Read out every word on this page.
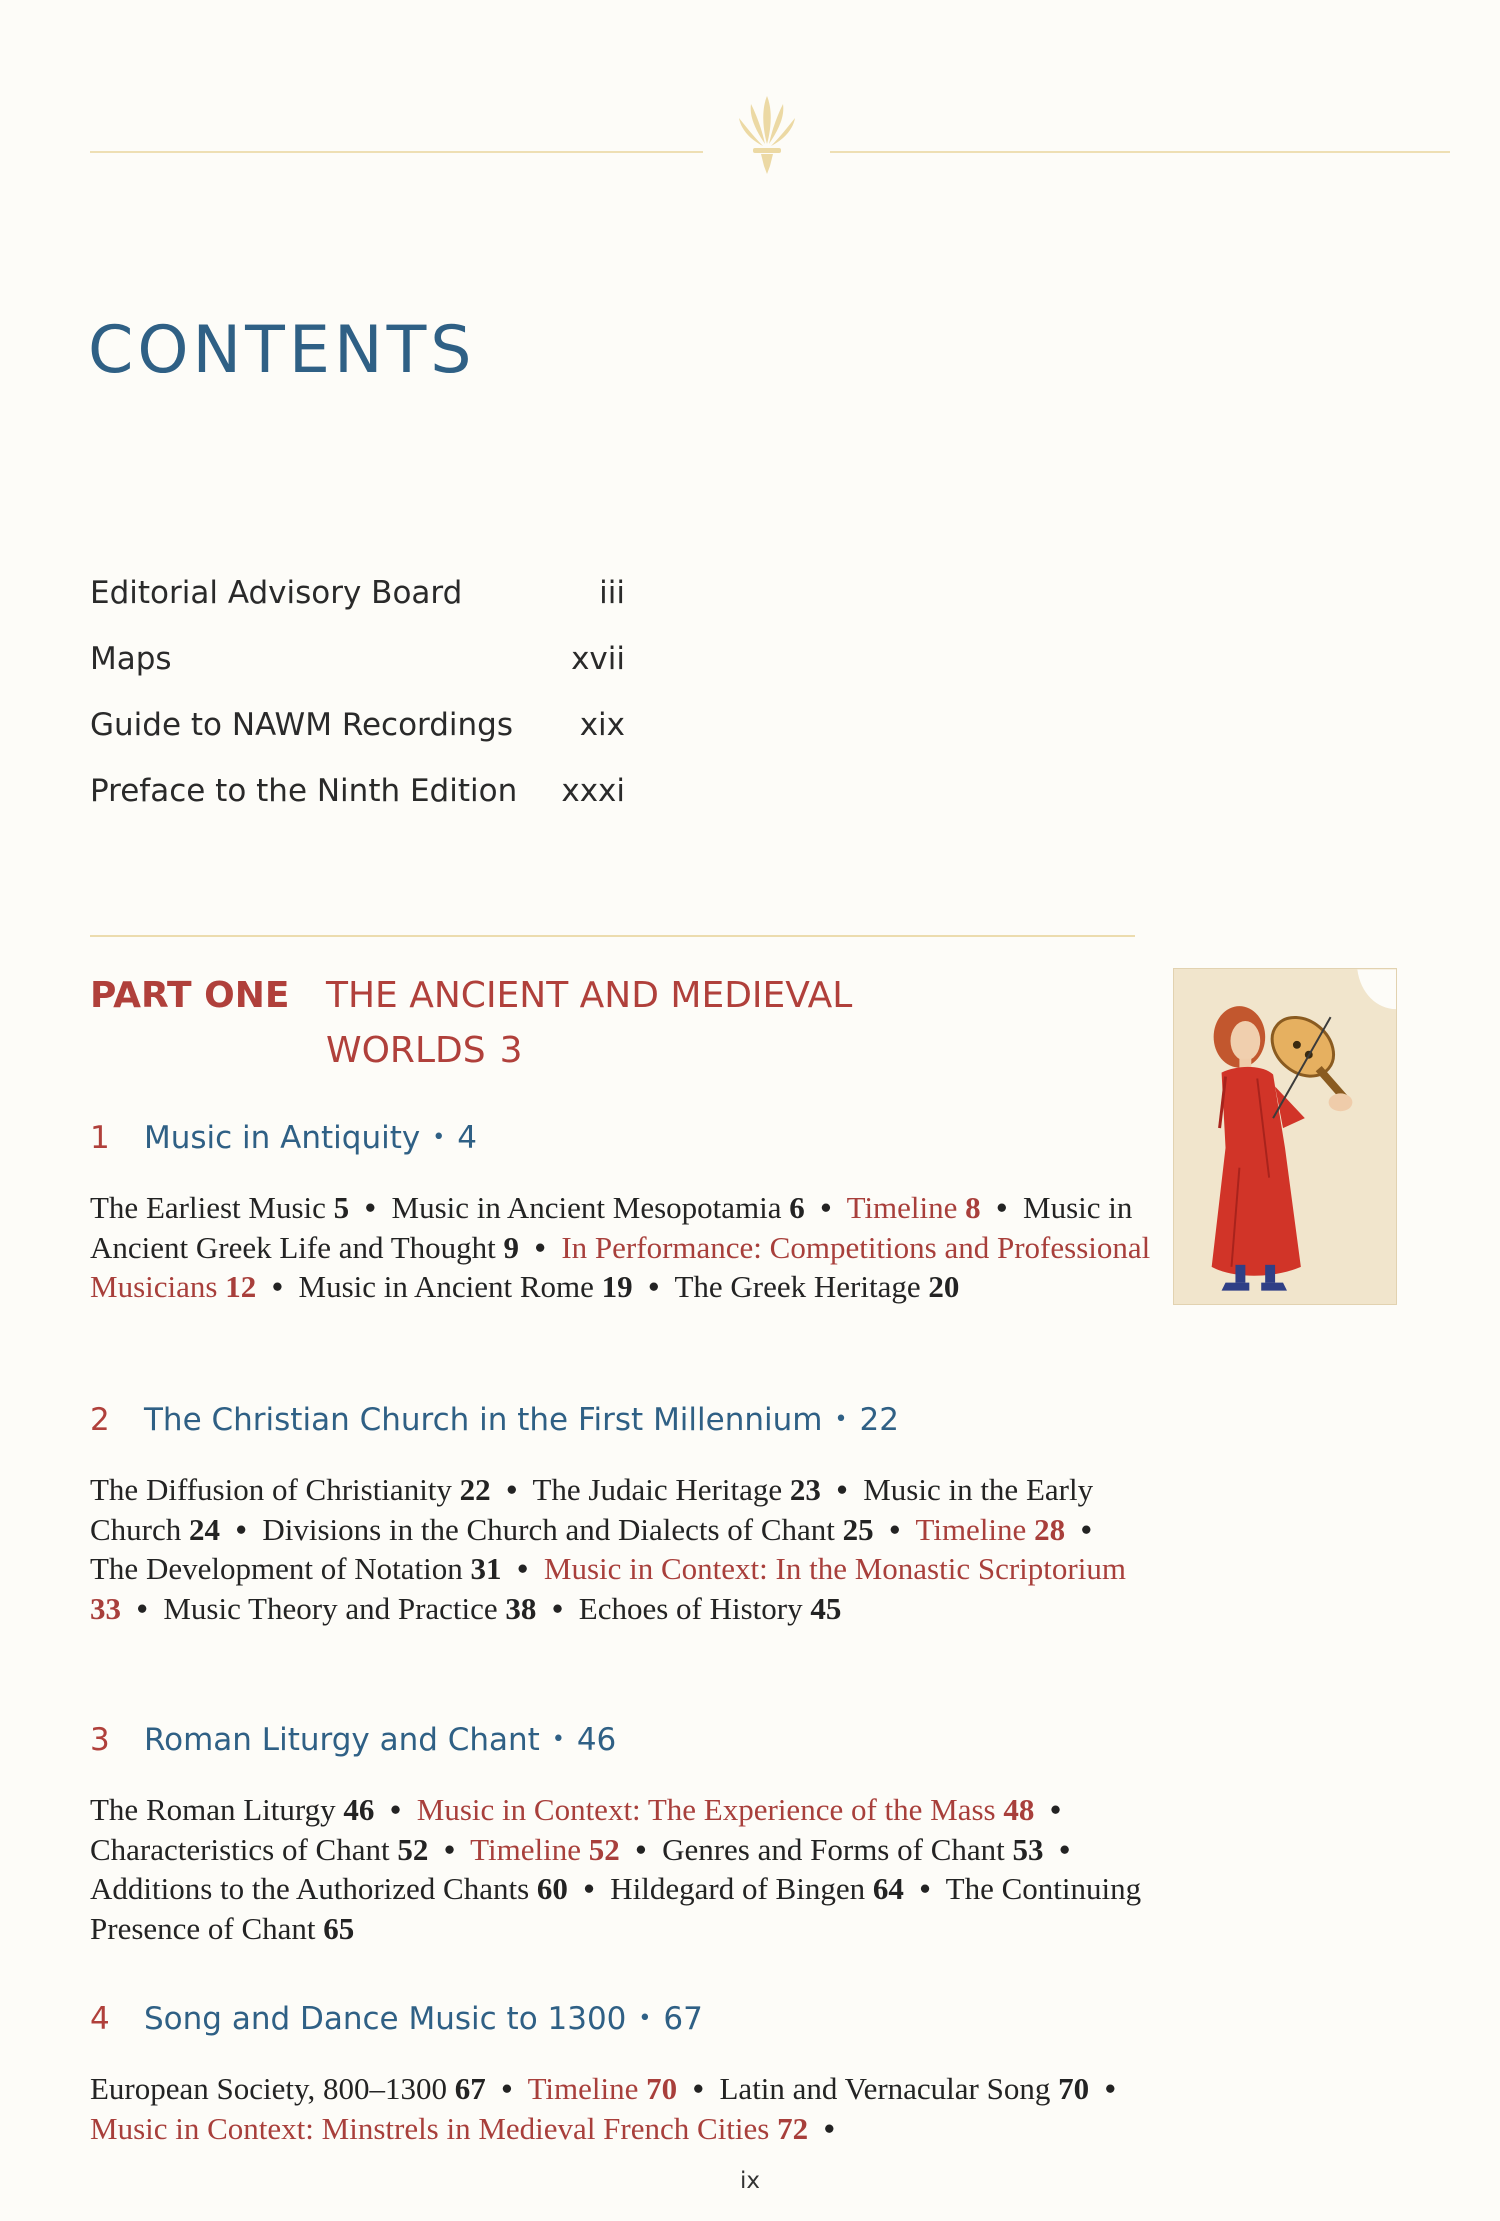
CONTENTS
Editorial Advisory Board	iii
Maps	xvii
Guide to NAWM Recordings xix
Preface to the Ninth Edition xxxi
PART ONE	THE ANCIENT AND MEDIEVAL WORLDS 3
1 Music in Antiquity • 4
The Earliest Music 5 • Music in Ancient Mesopotamia 6 • Timeline 8 • Music in Ancient Greek Life and Thought 9 • In Performance: Competitions and Professional Musicians 12 • Music in Ancient Rome 19 • The Greek Heritage 20
2 The Christian Church in the First Millennium • 22
The Diffusion of Christianity 22 • The Judaic Heritage 23 • Music in the Early Church 24 • Divisions in the Church and Dialects of Chant 25 • Timeline 28 • The Development of Notation 31 • Music in Context: In the Monastic Scriptorium 33 • Music Theory and Practice 38 • Echoes of History 45
3 Roman Liturgy and Chant • 46
The Roman Liturgy 46 • Music in Context: The Experience of the Mass 48 • Characteristics of Chant 52 • Timeline 52 • Genres and Forms of Chant 53 • Additions to the Authorized Chants 60 • Hildegard of Bingen 64 • The Continuing Presence of Chant 65
4 Song and Dance Music to 1300 • 67
European Society, 800–1300 67 • Timeline 70 • Latin and Vernacular Song 70 • Music in Context: Minstrels in Medieval French Cities 72 •
ix
